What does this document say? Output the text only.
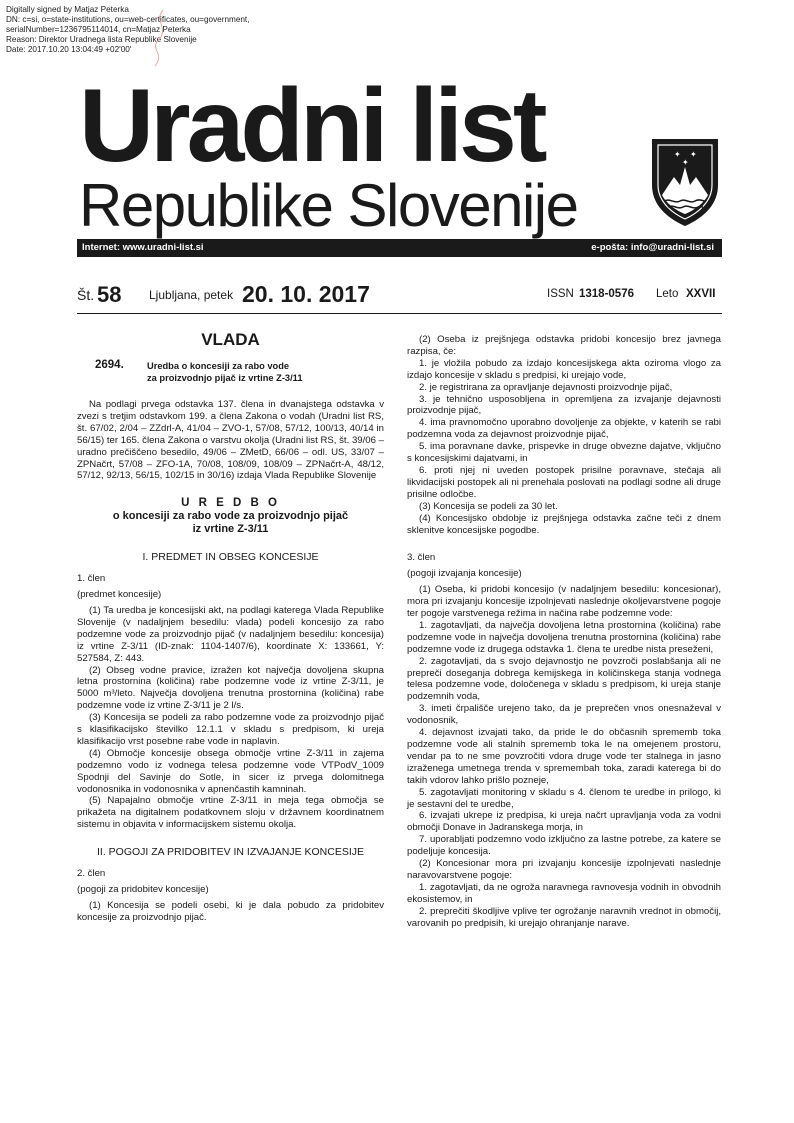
Digitally signed by Matjaz Peterka
DN: c=si, o=state-institutions, ou=web-certificates, ou=government,
serialNumber=1236795114014, cn=Matjaz Peterka
Reason: Direktor Uradnega lista Republike Slovenije
Date: 2017.10.20 13:04:49 +02'00'
Uradni list
Republike Slovenije
✦ ✦
✦
Internet: www.uradni-list.si	e-pošta: info@uradni-list.si
Št. 58 Ljubljana, petek 20. 10. 2017	ISSN 1318-0576 Leto XXVII
VLADA
2694. Uredba o koncesiji za rabo vode
za proizvodnjo pijač iz vrtine Z-3/11

Na podlagi prvega odstavka 137. člena in dvanajstega odstavka v zvezi s tretjim odstavkom 199. a člena Zakona o vodah (Uradni list RS, št. 67/02, 2/04 – ZZdrl-A, 41/04 – ZVO-1, 57/08, 57/12, 100/13, 40/14 in 56/15) ter 165. člena Zakona o varstvu okolja (Uradni list RS, št. 39/06 – uradno prečiščeno besedilo, 49/06 – ZMetD, 66/06 – odl. US, 33/07 – ZPNačrt, 57/08 – ZFO-1A, 70/08, 108/09, 108/09 – ZPNačrt-A, 48/12, 57/12, 92/13, 56/15, 102/15 in 30/16) izdaja Vlada Republike Slovenije

U R E D B O
o koncesiji za rabo vode za proizvodnjo pijač
iz vrtine Z-3/11
I. PREDMET IN OBSEG KONCESIJE

1. člen

(predmet koncesije)

(1) Ta uredba je koncesijski akt, na podlagi katerega Vlada Republike Slovenije (v nadaljnjem besedilu: vlada) podeli koncesijo za rabo podzemne vode za proizvodnjo pijač (v nadaljnjem besedilu: koncesija) iz vrtine Z-3/11 (ID-znak: 1104-1407/6), koordinate X: 133661, Y: 527584, Z: 443.

(2) Obseg vodne pravice, izražen kot največja dovoljena skupna letna prostornina (količina) rabe podzemne vode iz vrtine Z-3/11, je 5000 m³/leto. Največja dovoljena trenutna prostornina (količina) rabe podzemne vode iz vrtine Z-3/11 je 2 l/s.

(3) Koncesija se podeli za rabo podzemne vode za proizvodnjo pijač s klasifikacijsko številko 12.1.1 v skladu s predpisom, ki ureja klasifikacijo vrst posebne rabe vode in naplavin.

(4) Območje koncesije obsega območje vrtine Z-3/11 in zajema podzemno vodo iz vodnega telesa podzemne vode VTPodV_1009 Spodnji del Savinje do Sotle, in sicer iz prvega dolomitnega vodonosnika in vodonosnika v apnenčastih kamninah.

(5) Napajalno območje vrtine Z-3/11 in meja tega območja se prikažeta na digitalnem podatkovnem sloju v državnem koordinatnem sistemu in objavita v informacijskem sistemu okolja.

II. POGOJI ZA PRIDOBITEV IN IZVAJANJE KONCESIJE

2. člen

(pogoji za pridobitev koncesije)

(1) Koncesija se podeli osebi, ki je dala pobudo za pridobitev koncesije za proizvodnjo pijač.

(2) Oseba iz prejšnjega odstavka pridobi koncesijo brez javnega razpisa, če:

1. je vložila pobudo za izdajo koncesijskega akta oziroma vlogo za izdajo koncesije v skladu s predpisi, ki urejajo vode,

2. je registrirana za opravljanje dejavnosti proizvodnje pijač,

3. je tehnično usposobljena in opremljena za izvajanje dejavnosti proizvodnje pijač,

4. ima pravnomočno uporabno dovoljenje za objekte, v katerih se rabi podzemna voda za dejavnost proizvodnje pijač,

5. ima poravnane davke, prispevke in druge obvezne dajatve, vključno s koncesijskimi dajatvami, in

6. proti njej ni uveden postopek prisilne poravnave, stečaja ali likvidacijski postopek ali ni prenehala poslovati na podlagi sodne ali druge prisilne odločbe.

(3) Koncesija se podeli za 30 let.

(4) Koncesijsko obdobje iz prejšnjega odstavka začne teči z dnem sklenitve koncesijske pogodbe.

3. člen

(pogoji izvajanja koncesije)

(1) Oseba, ki pridobi koncesijo (v nadaljnjem besedilu: koncesionar), mora pri izvajanju koncesije izpolnjevati naslednje okoljevarstvene pogoje ter pogoje varstvenega režima in načina rabe podzemne vode:

1. zagotavljati, da največja dovoljena letna prostornina (količina) rabe podzemne vode in največja dovoljena trenutna prostornina (količina) rabe podzemne vode iz drugega odstavka 1. člena te uredbe nista preseženi,

2. zagotavljati, da s svojo dejavnostjo ne povzroči poslabšanja ali ne prepreči doseganja dobrega kemijskega in količinskega stanja vodnega telesa podzemne vode, določenega v skladu s predpisom, ki ureja stanje podzemnih voda,

3. imeti črpališče urejeno tako, da je preprečen vnos onesnaževal v vodonosnik,

4. dejavnost izvajati tako, da pride le do občasnih sprememb toka podzemne vode ali stalnih sprememb toka le na omejenem prostoru, vendar pa to ne sme povzročiti vdora druge vode ter stalnega in jasno izraženega umetnega trenda v spremembah toka, zaradi katerega bi do takih vdorov lahko prišlo pozneje,

5. zagotavljati monitoring v skladu s 4. členom te uredbe in prilogo, ki je sestavni del te uredbe,

6. izvajati ukrepe iz predpisa, ki ureja načrt upravljanja voda za vodni območji Donave in Jadranskega morja, in

7. uporabljati podzemno vodo izključno za lastne potrebe, za katere se podeljuje koncesija.

(2) Koncesionar mora pri izvajanju koncesije izpolnjevati naslednje naravovarstvene pogoje:

1. zagotavljati, da ne ogroža naravnega ravnovesja vodnih in obvodnih ekosistemov, in

2. preprečiti škodljive vplive ter ogrožanje naravnih vrednot in območij, varovanih po predpisih, ki urejajo ohranjanje narave.
